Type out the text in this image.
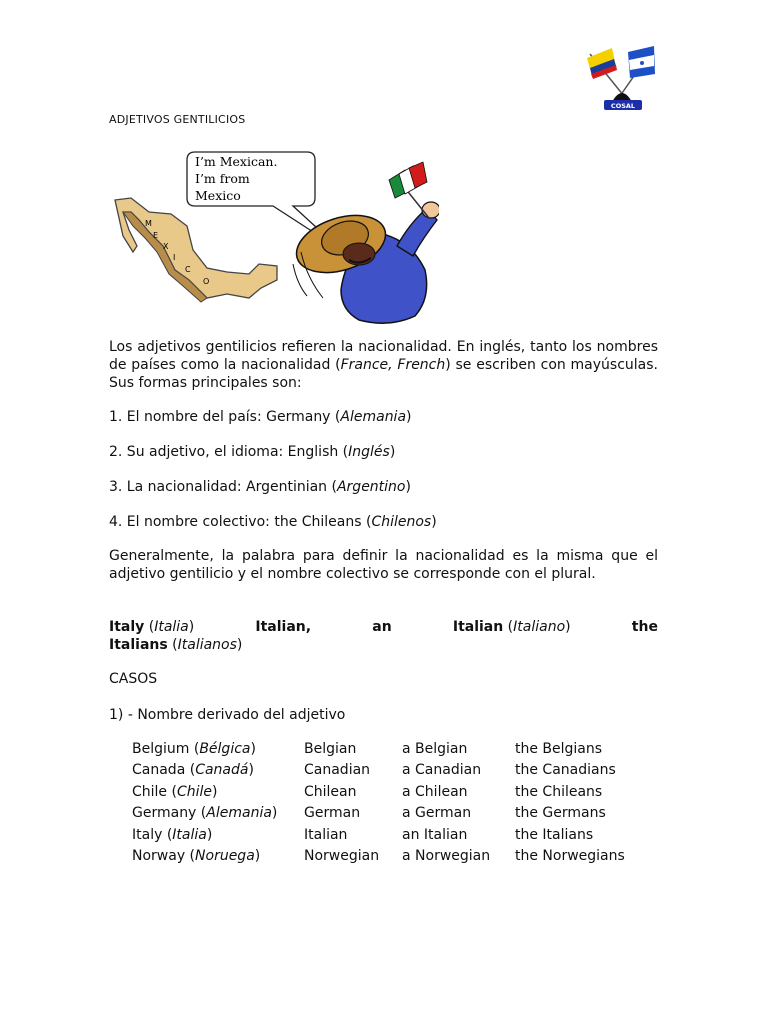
COSAL
ADJETIVOS GENTILICIOS
I’m Mexican.
I’m from
Mexico
M
E
X
I
C
O
Los adjetivos gentilicios refieren la nacionalidad. En inglés, tanto los nombres de países como la nacionalidad (France, French) se escriben con mayúsculas. Sus formas principales son:
1. El nombre del país: Germany (Alemania)
2. Su adjetivo, el idioma: English (Inglés)
3. La nacionalidad: Argentinian (Argentino)
4. El nombre colectivo: the Chileans (Chilenos)
Generalmente, la palabra para definir la nacionalidad es la misma que el adjetivo gentilicio y el nombre colectivo se corresponde con el plural.
Italy (Italia)	Italian,	an	Italian (Italiano)	the
Italians (Italianos)
CASOS
1) - Nombre derivado del adjetivo
Belgium (Bélgica)	Belgian	a Belgian	the Belgians
Canada (Canadá)	Canadian a Canadian the Canadians
Chile (Chile)	Chilean	a Chilean	the Chileans
Germany (Alemania) German	a German	the Germans
Italy (Italia)	Italian	an Italian	the Italians
Norway (Noruega)	Norwegian a Norwegian the Norwegians
